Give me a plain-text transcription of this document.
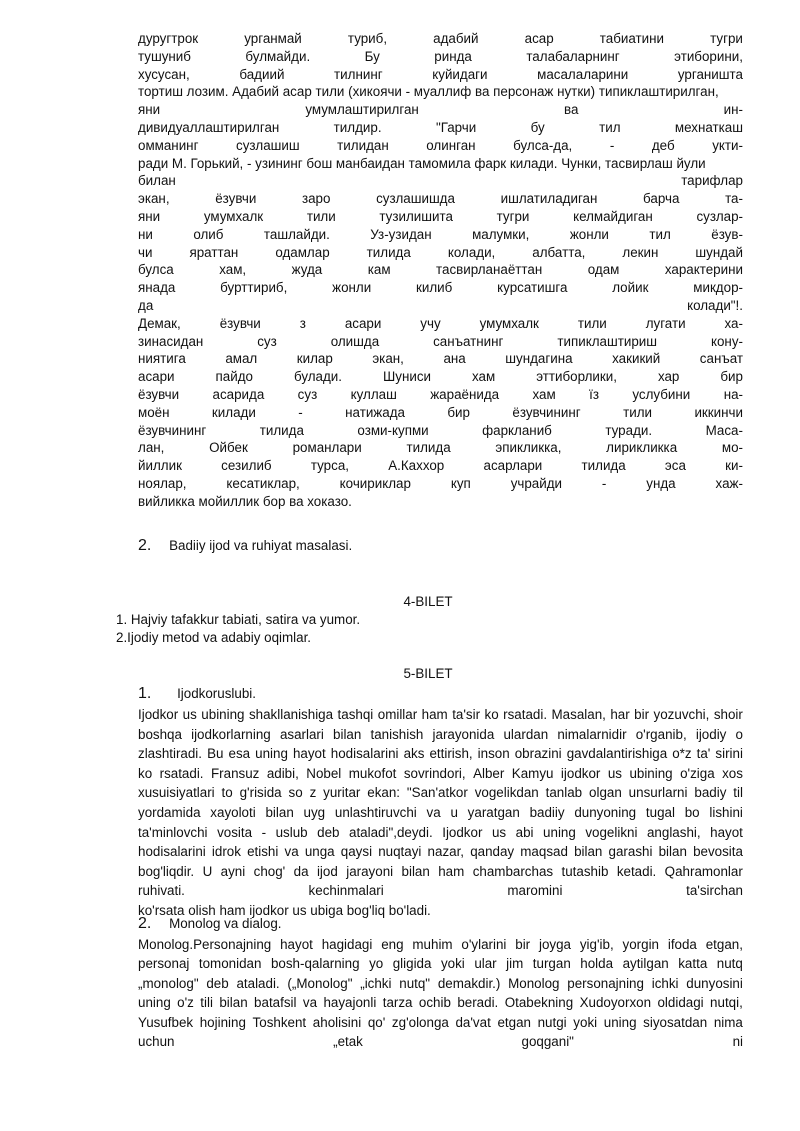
дуругтрок	урганмай	туриб,	адабий	асар	табиатини	тугри
тушуниб	булмайди.	Бу	ринда	талабаларнинг	этиборини,
хусусан,	бадиий	тилнинг	куйидаги	масалаларини	урганишта
тортиш лозим. Адабий асар тили (хикоячи - муаллиф ва персонаж нутки) типиклаштирилган,
яни	умумлаштирилган	ва	ин-
дивидуаллаштирилган	тилдир.	"Гарчи	бу	тил	мехнаткаш
омманинг	сузлашиш	тилидан	олинган	булса-да,	-	деб	укти-
ради М. Горький, - узининг бош манбаидан тамомила фарк килади. Чунки, тасвирлаш йули
билан	тарифлар
экан,	ёзувчи	заро	сузлашишда	ишлатиладиган	барча	та-
яни	умумхалк	тили	тузилишита	тугри	келмайдиган	сузлар-
ни	олиб	ташлайди.	Уз-узидан	малумки,	жонли	тил	ёзув-
чи	яраттан	одамлар	тилида	колади,	албатта,	лекин	шундай
булса	хам,	жуда	кам	тасвирланаёттан	одам	характерини
янада	бурттириб,	жонли	килиб	курсатишга	лойик	микдор-
да	колади"!.
Демак,	ёзувчи	з	асари	учу	умумхалк	тили	лугати	ха-
зинасидан	суз	олишда	санъатнинг	типиклаштириш	кону-
ниятига	амал	килар	экан,	ана	шундагина	хакикий	санъат
асари	пайдо	булади.	Шуниси	хам	эттиборлики,	хар	бир
ёзувчи асарида суз куллаш жараёнида хам їз услубини на-
моён	килади	-	натижада	бир	ёзувчининг	тили	иккинчи
ёзувчининг	тилида	озми-купми	фаркланиб	туради.	Маса-
лан,	Ойбек	романлари	тилида	эпикликка,	лирикликка	мо-
йиллик	сезилиб	турса,	А.Каххор	асарлари	тилида	эса	ки-
ноялар,	кесатиклар,	кочириклар	куп	учрайди	-	унда	хаж-
вийликка мойиллик бор ва хоказо.
2. Badiiy ijod va ruhiyat masalasi.
4-BILET
1. Hajviy tafakkur tabiati, satira va yumor.
2.Ijodiy metod va adabiy oqimlar.
5-BILET
1. Ijodkoruslubi.
Ijodkor us ubining shakllanishiga tashqi omillar ham ta'sir ko rsatadi. Masalan, har bir yozuvchi, shoir
boshqa ijodkorlarning asarlari bilan tanishish jarayonida ulardan nimalarnidir o'rganib, ijodiy o
zlashtiradi. Bu esa uning hayot hodisalarini aks ettirish, inson obrazini gavdalantirishiga o*z ta' sirini
ko rsatadi. Fransuz adibi, Nobel mukofot sovrindori, Alber Kamyu ijodkor us ubining o'ziga xos
xusuisiyatlari to g'risida so z yuritar ekan: "San'atkor vogelikdan tanlab olgan unsurlarni badiy til
yordamida xayoloti bilan uyg unlashtiruvchi va u yaratgan badiiy dunyoning tugal bo lishini
ta'minlovchi vosita - uslub deb ataladi",deydi. Ijodkor us abi uning vogelikni anglashi, hayot
hodisalarini idrok etishi va unga qaysi nuqtayi nazar, qanday maqsad bilan garashi bilan bevosita
bog'liqdir. U ayni chog' da ijod jarayoni bilan ham chambarchas tutashib ketadi. Qahramonlar
ruhivati.	kechinmalari	maromini	ta'sirchan
ko'rsata olish ham ijodkor us ubiga bog'liq bo'ladi.
2. Monolog va dialog.
Monolog.Personajning hayot hagidagi eng muhim o'ylarini bir joyga yig'ib, yorgin ifoda etgan,
personaj tomonidan bosh-qalarning yo gligida yoki ular jim turgan holda aytilgan katta nutq
„monolog" deb ataladi. („Monolog" „ichki nutq" demakdir.) Monolog personajning ichki dunyosini
uning o'z tili bilan batafsil va hayajonli tarza ochib beradi. Otabekning Xudoyorxon oldidagi nutqi,
Yusufbek hojining Toshkent aholisini qo' zg'olonga da'vat etgan nutgi yoki uning siyosatdan nima
uchun	„etak	goqgani"	ni
